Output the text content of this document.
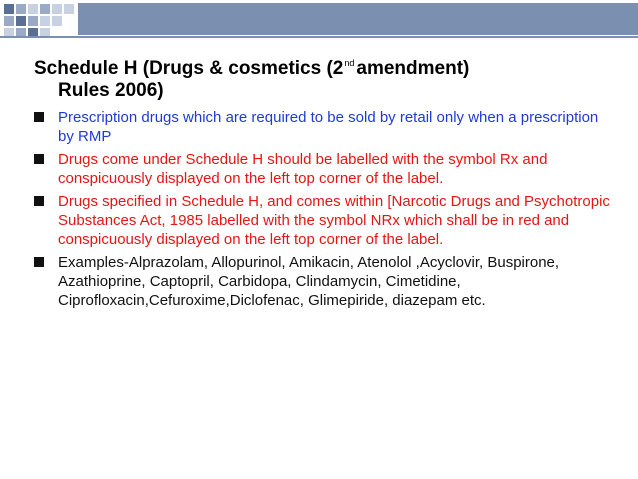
Schedule H (Drugs & cosmetics (2nd amendment)
Rules 2006)
Prescription drugs which are required to be sold by retail only when a prescription by RMP
Drugs come under Schedule H should be labelled with the symbol Rx and conspicuously displayed on the left top corner of the label.
Drugs specified in Schedule H, and comes within [Narcotic Drugs and Psychotropic Substances Act, 1985 labelled with the symbol NRx which shall be in red and conspicuously displayed on the left top corner of the label.
Examples-Alprazolam, Allopurinol, Amikacin, Atenolol ,Acyclovir, Buspirone, Azathioprine, Captopril, Carbidopa, Clindamycin, Cimetidine, Ciprofloxacin,Cefuroxime,Diclofenac, Glimepiride, diazepam etc.
